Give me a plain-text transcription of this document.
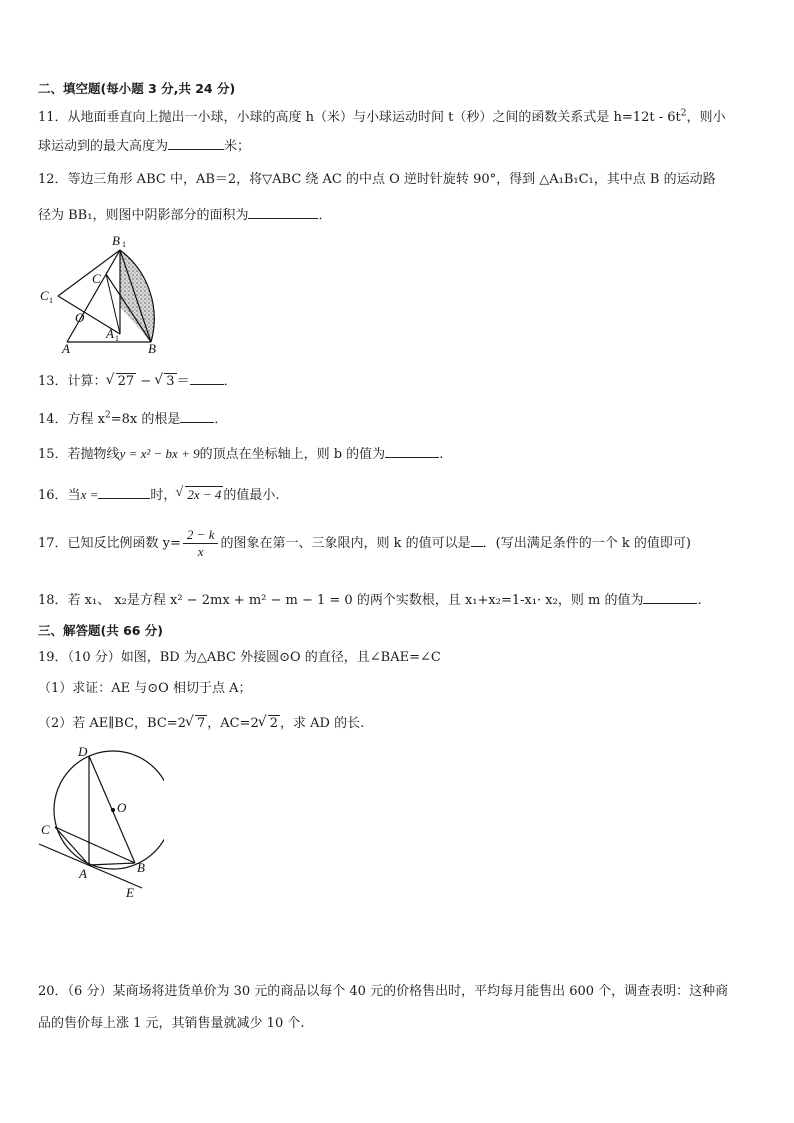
二、填空题(每小题 3 分,共 24 分)
11．从地面垂直向上抛出一小球，小球的高度 h（米）与小球运动时间 t（秒）之间的函数关系式是 $h=12t - 6t^2$，则小
球运动到的最大高度为	米；
12．等边三角形 ABC 中，AB＝2，将▽ABC 绕 AC 的中点 O 逆时针旋转 90°，得到 △A₁B₁C₁，其中点 B 的运动路
径为 BB₁，则图中阴影部分的面积为	．
B 1
C
C 1
O
A 1
A	B
13．计算： √ 27 − √ 3 ＝	．
14．方程 $x^2=8x$ 的根是	．
15．若抛物线y = x² − bx + 9的顶点在坐标轴上，则 b 的值为	.
16．当x =	时， √ 2x − 4 的值最小.
17．已知反比例函数 $y= \frac{2 - k}{x}$ 的图象在第一、三象限内，则 k 的值可以是 ．(写出满足条件的一个 k 的值即可)
18．若 x₁、 x₂是方程 x² − 2mx + m² − m − 1 = 0 的两个实数根，且 x₁+x₂=1-x₁· x₂，则 m 的值为	.
三、解答题(共 66 分)
19．（10 分）如图，BD 为△ABC 外接圆⊙O 的直径，且∠BAE=∠C
（1）求证：AE 与⊙O 相切于点 A；
（2）若 AE∥BC，BC=2 √ 7 ，AC=2 √ 2 ，求 AD 的长.
D
O
C
A	B
E
20．（6 分）某商场将进货单价为 30 元的商品以每个 40 元的价格售出时，平均每月能售出 600 个，调查表明：这种商
品的售价每上涨 1 元，其销售量就减少 10 个.
